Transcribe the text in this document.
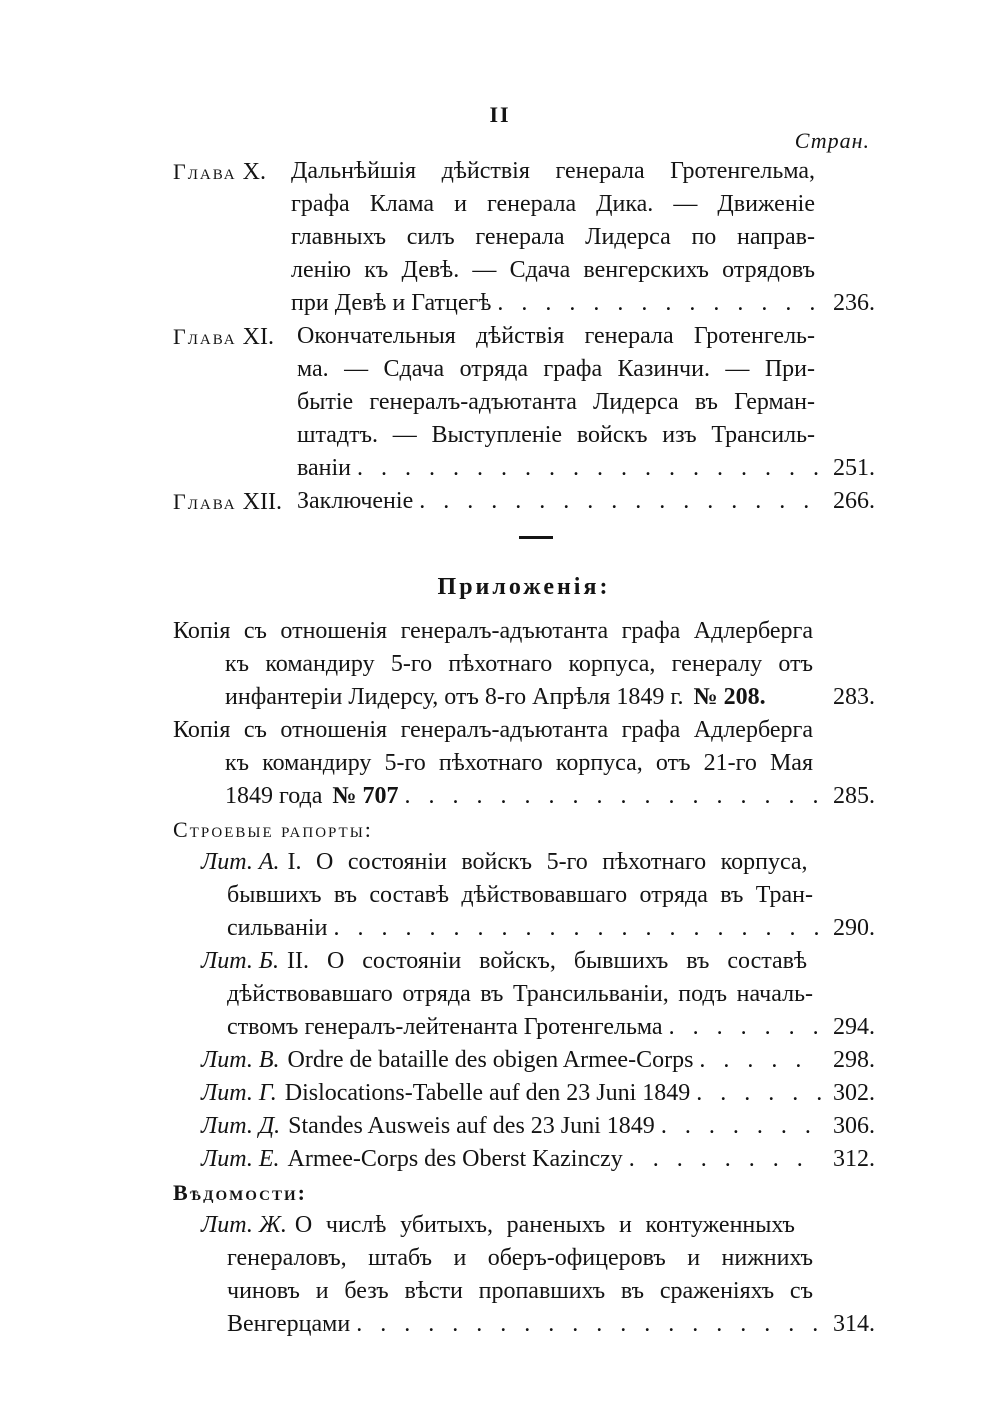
II
Стран.
Глава X. Дальнѣйшія дѣйствія генерала Гротенгельма,
графа Клама и генерала Дика. — Движеніе
главныхъ силъ генерала Лидерса по направ-
ленію къ Девѣ. — Сдача венгерскихъ отрядовъ
при Девѣ и Гатцегѣ . . .	236.
Глава XI. Окончательныя дѣйствія генерала Гротенгель-
ма. — Сдача отряда графа Казинчи. — При-
бытіе генералъ-адъютанта Лидерса въ Герман-
штадтъ. — Выступленіе войскъ изъ Трансиль-
ваніи . . .	251.
Глава XII. Заключеніе . . .	266.
Приложенія:
Копія съ отношенія генералъ-адъютанта графа Адлерберга
къ командиру 5-го пѣхотнаго корпуса, генералу отъ
инфантеріи Лидерсу, отъ 8-го Апрѣля 1849 г. № 208.	283.
Копія съ отношенія генералъ-адъютанта графа Адлерберга
къ командиру 5-го пѣхотнаго корпуса, отъ 21-го Мая
1849 года № 707 . . .	285.
Строевые рапорты:
Лит. А. I. О состояніи войскъ 5-го пѣхотнаго корпуса,
бывшихъ въ составѣ дѣйствовавшаго отряда въ Тран-
сильваніи . . .	290.
Лит. Б. II. О состояніи войскъ, бывшихъ въ составѣ
дѣйствовавшаго отряда въ Трансильваніи, подъ началь-
ствомъ генералъ-лейтенанта Гротенгельма . . .	294.
Лит. В. Ordre de bataille des obigen Armee-Corps . . .	298.
Лит. Г. Dislocations-Tabelle auf den 23 Juni 1849 . . .	302.
Лит. Д. Standes Ausweis auf des 23 Juni 1849 . . .	306.
Лит. Е. Armee-Corps des Oberst Kazinczy . . .	312.
Вѣдомости:
Лит. Ж. О числѣ убитыхъ, раненыхъ и контуженныхъ
генераловъ, штабъ и оберъ-офицеровъ и нижнихъ
чиновъ и безъ вѣсти пропавшихъ въ сраженіяхъ съ
Венгерцами . . .	314.
